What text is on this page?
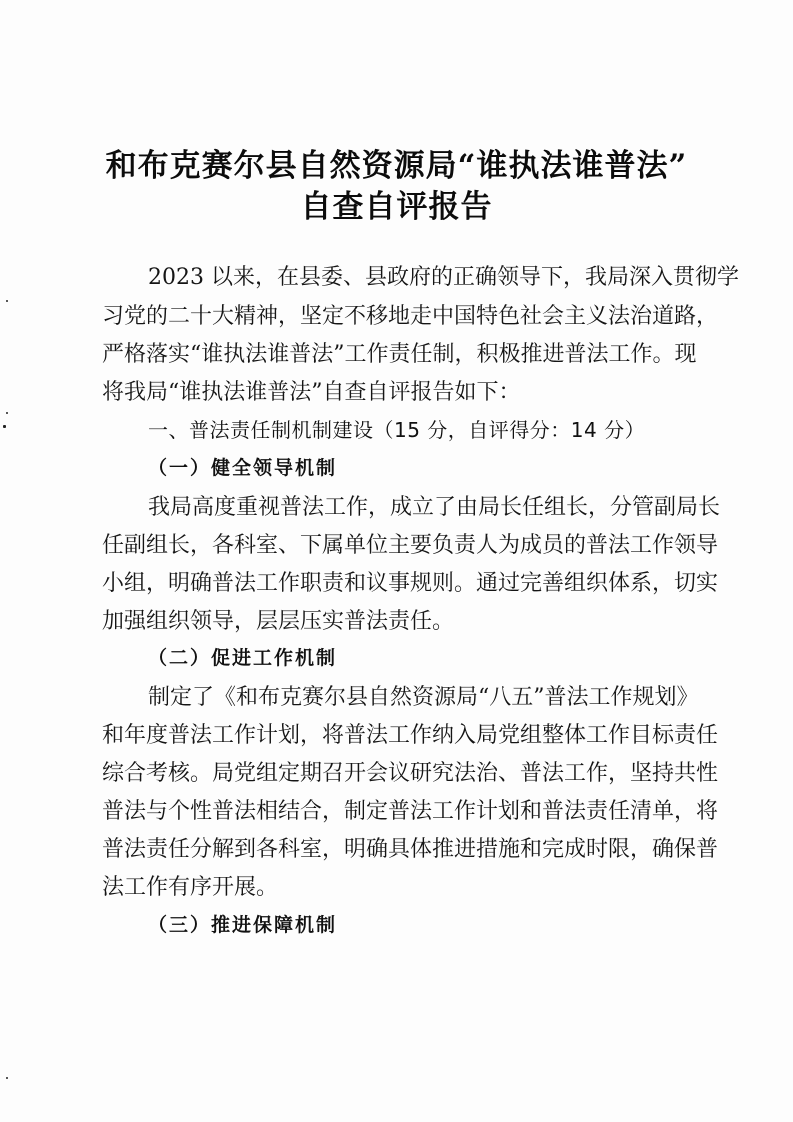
和布克赛尔县自然资源局“谁执法谁普法”
自查自评报告
2023 以来，在县委、县政府的正确领导下，我局深入贯彻学
习党的二十大精神，坚定不移地走中国特色社会主义法治道路，
严格落实“谁执法谁普法”工作责任制，积极推进普法工作。现
将我局“谁执法谁普法”自查自评报告如下：
一、普法责任制机制建设（15 分，自评得分：14 分）
（一）健全领导机制
我局高度重视普法工作，成立了由局长任组长，分管副局长
任副组长，各科室、下属单位主要负责人为成员的普法工作领导
小组，明确普法工作职责和议事规则。通过完善组织体系，切实
加强组织领导，层层压实普法责任。
（二）促进工作机制
制定了《和布克赛尔县自然资源局“八五”普法工作规划》
和年度普法工作计划，将普法工作纳入局党组整体工作目标责任
综合考核。局党组定期召开会议研究法治、普法工作，坚持共性
普法与个性普法相结合，制定普法工作计划和普法责任清单，将
普法责任分解到各科室，明确具体推进措施和完成时限，确保普
法工作有序开展。
（三）推进保障机制
